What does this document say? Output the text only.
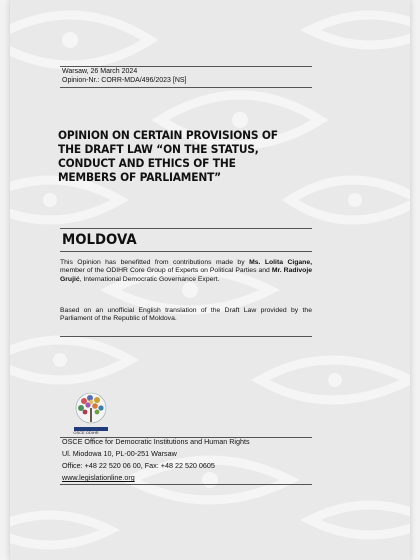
Warsaw, 26 March 2024
Opinion-Nr.: CORR-MDA/496/2023 [NS]
OPINION ON CERTAIN PROVISIONS OF THE DRAFT LAW “ON THE STATUS, CONDUCT AND ETHICS OF THE MEMBERS OF PARLIAMENT”
MOLDOVA
This Opinion has benefitted from contributions made by Ms. Lolita Cigane, member of the ODIHR Core Group of Experts on Political Parties and Mr. Radivoje Grujić, International Democratic Governance Expert.
Based on an unofficial English translation of the Draft Law provided by the Parliament of the Republic of Moldova.
OSCE ODIHR
OSCE Office for Democratic Institutions and Human Rights
Ul. Miodowa 10, PL-00-251 Warsaw
Office: +48 22 520 06 00, Fax: +48 22 520 0605
www.legislationline.org
